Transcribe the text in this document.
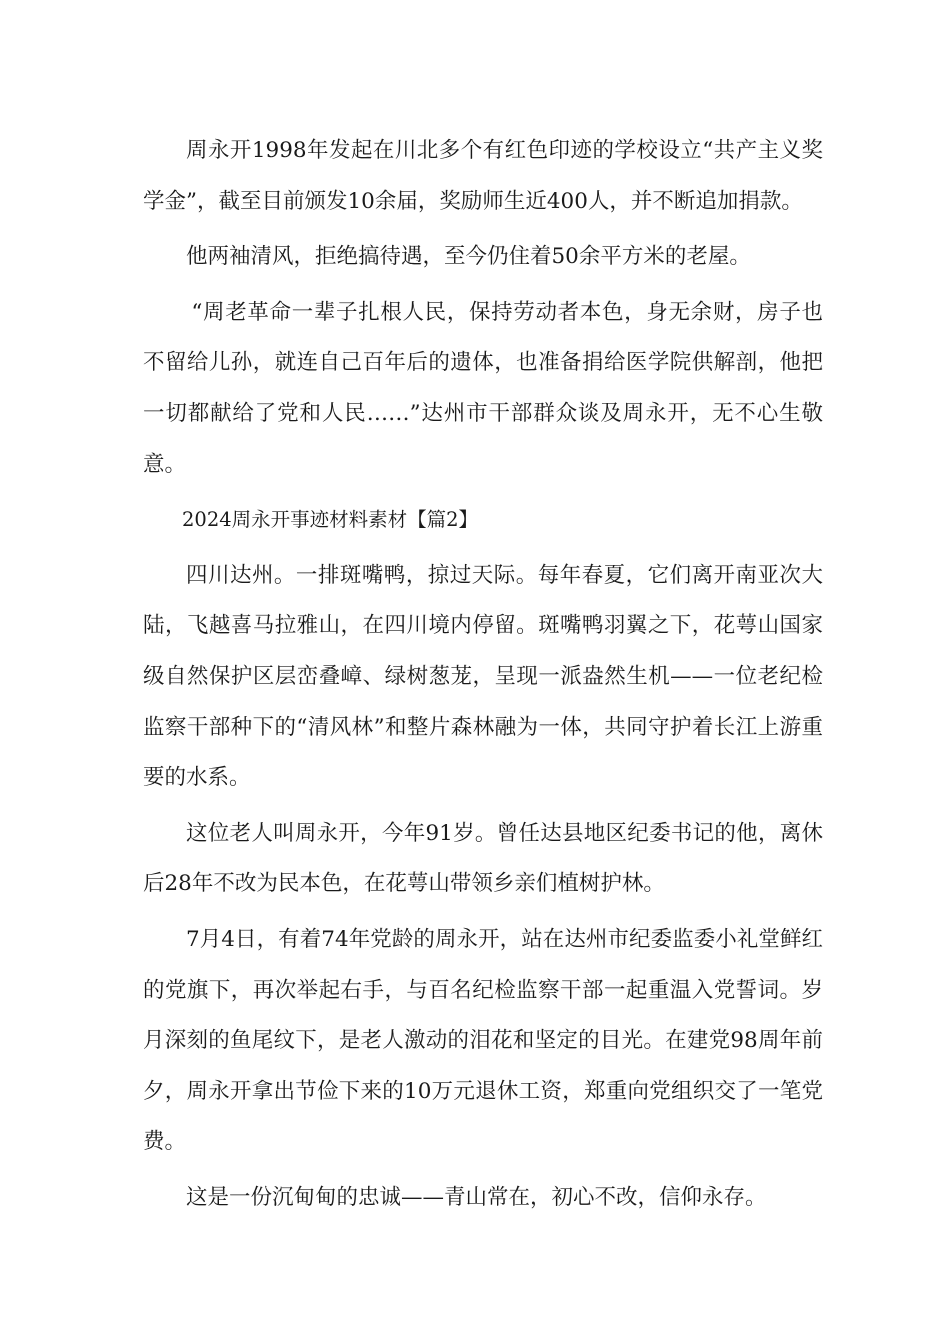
周永开1998年发起在川北多个有红色印迹的学校设立“共产主义奖学金”，截至目前颁发10余届，奖励师生近400人，并不断追加捐款。

他两袖清风，拒绝搞待遇，至今仍住着50余平方米的老屋。

“周老革命一辈子扎根人民，保持劳动者本色，身无余财，房子也不留给儿孙，就连自己百年后的遗体，也准备捐给医学院供解剖，他把一切都献给了党和人民……”达州市干部群众谈及周永开，无不心生敬意。

2024周永开事迹材料素材【篇2】

四川达州。一排斑嘴鸭，掠过天际。每年春夏，它们离开南亚次大陆，飞越喜马拉雅山，在四川境内停留。斑嘴鸭羽翼之下，花萼山国家级自然保护区层峦叠嶂、绿树葱茏，呈现一派盎然生机——一位老纪检监察干部种下的“清风林”和整片森林融为一体，共同守护着长江上游重要的水系。

这位老人叫周永开，今年91岁。曾任达县地区纪委书记的他，离休后28年不改为民本色，在花萼山带领乡亲们植树护林。

7月4日，有着74年党龄的周永开，站在达州市纪委监委小礼堂鲜红的党旗下，再次举起右手，与百名纪检监察干部一起重温入党誓词。岁月深刻的鱼尾纹下，是老人激动的泪花和坚定的目光。在建党98周年前夕，周永开拿出节俭下来的10万元退休工资，郑重向党组织交了一笔党费。

这是一份沉甸甸的忠诚——青山常在，初心不改，信仰永存。
